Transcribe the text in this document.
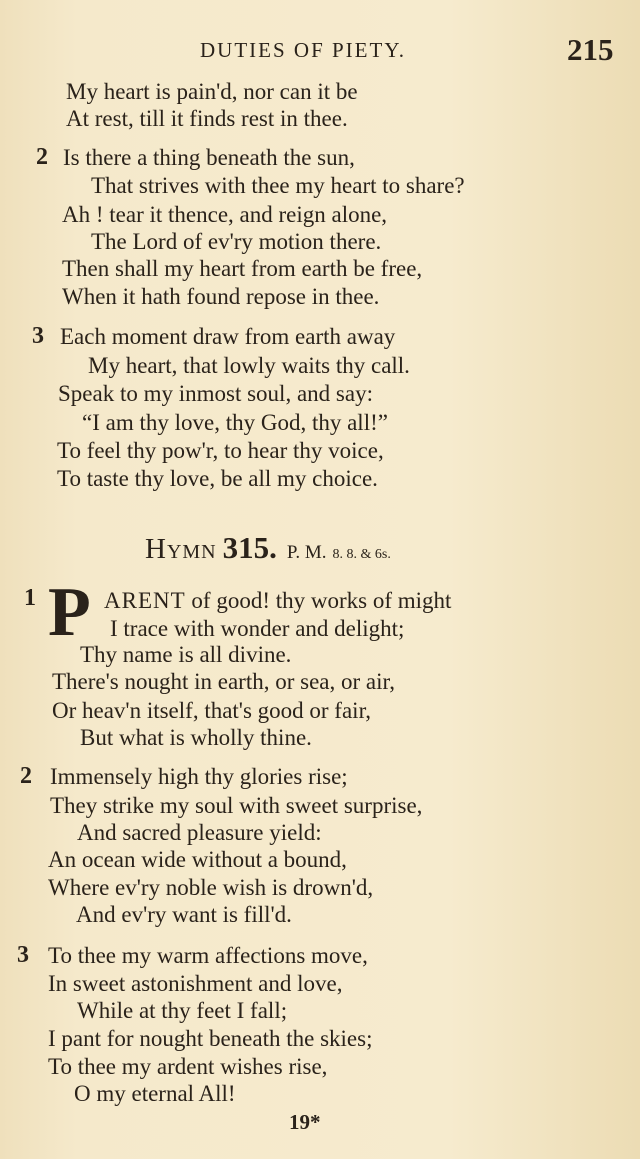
DUTIES OF PIETY.	215
My heart is pain'd, nor can it be
At rest, till it finds rest in thee.
2 Is there a thing beneath the sun,
That strives with thee my heart to share?
Ah ! tear it thence, and reign alone,
The Lord of ev'ry motion there.
Then shall my heart from earth be free,
When it hath found repose in thee.
3 Each moment draw from earth away
My heart, that lowly waits thy call.
Speak to my inmost soul, and say:
“I am thy love, thy God, thy all!”
To feel thy pow'r, to hear thy voice,
To taste thy love, be all my choice.
Hymn 315. P. M. 8. 8. & 6s.
1 P ARENT of good! thy works of might
I trace with wonder and delight;
Thy name is all divine.
There's nought in earth, or sea, or air,
Or heav'n itself, that's good or fair,
But what is wholly thine.
2 Immensely high thy glories rise;
They strike my soul with sweet surprise,
And sacred pleasure yield:
An ocean wide without a bound,
Where ev'ry noble wish is drown'd,
And ev'ry want is fill'd.
3 To thee my warm affections move,
In sweet astonishment and love,
While at thy feet I fall;
I pant for nought beneath the skies;
To thee my ardent wishes rise,
O my eternal All!
19*
